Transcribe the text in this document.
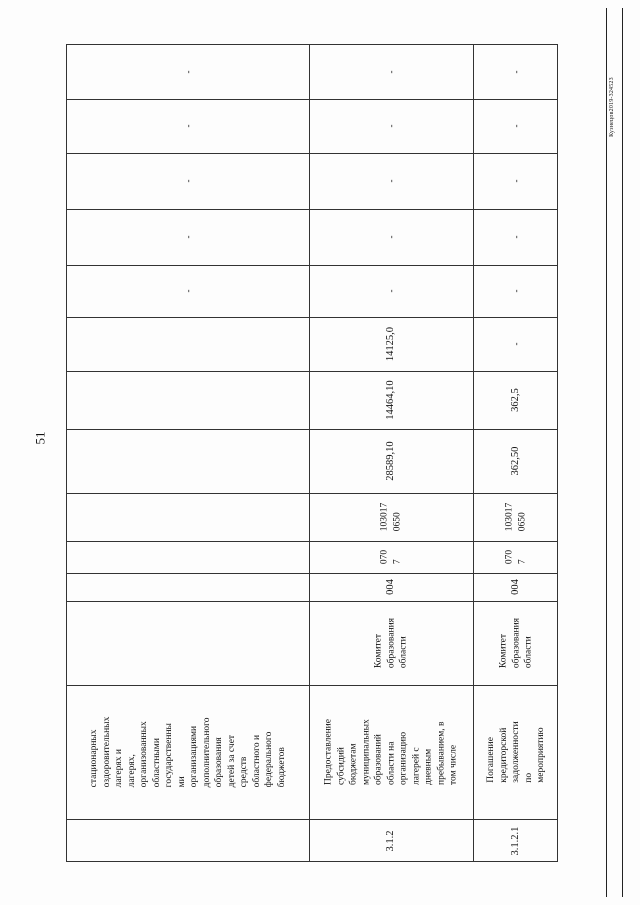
51
Кузнецов2019-324523
стационарных
оздоровительных
лагерях и
лагерях,
организованных
областными
государственны
ми
организациями
дополнительного
образования
детей за счет
средств
областного и
федерального
бюджетов
-
-
-
-
-
3.1.2
Предоставление
субсидий
бюджетам
муниципальных
образований
области на
организацию
лагерей с
дневным
пребыванием, в
том числе
Комитет
образования
области
004
070
7
103017
0650
28589,10
14464,10
14125,0
-
-
-
-
-
3.1.2.1
Погашение
кредиторской
задолженности
по мероприятию
Комитет
образования
области
004
070
7
103017
0650
362,50
362,5
-
-
-
-
-
-
